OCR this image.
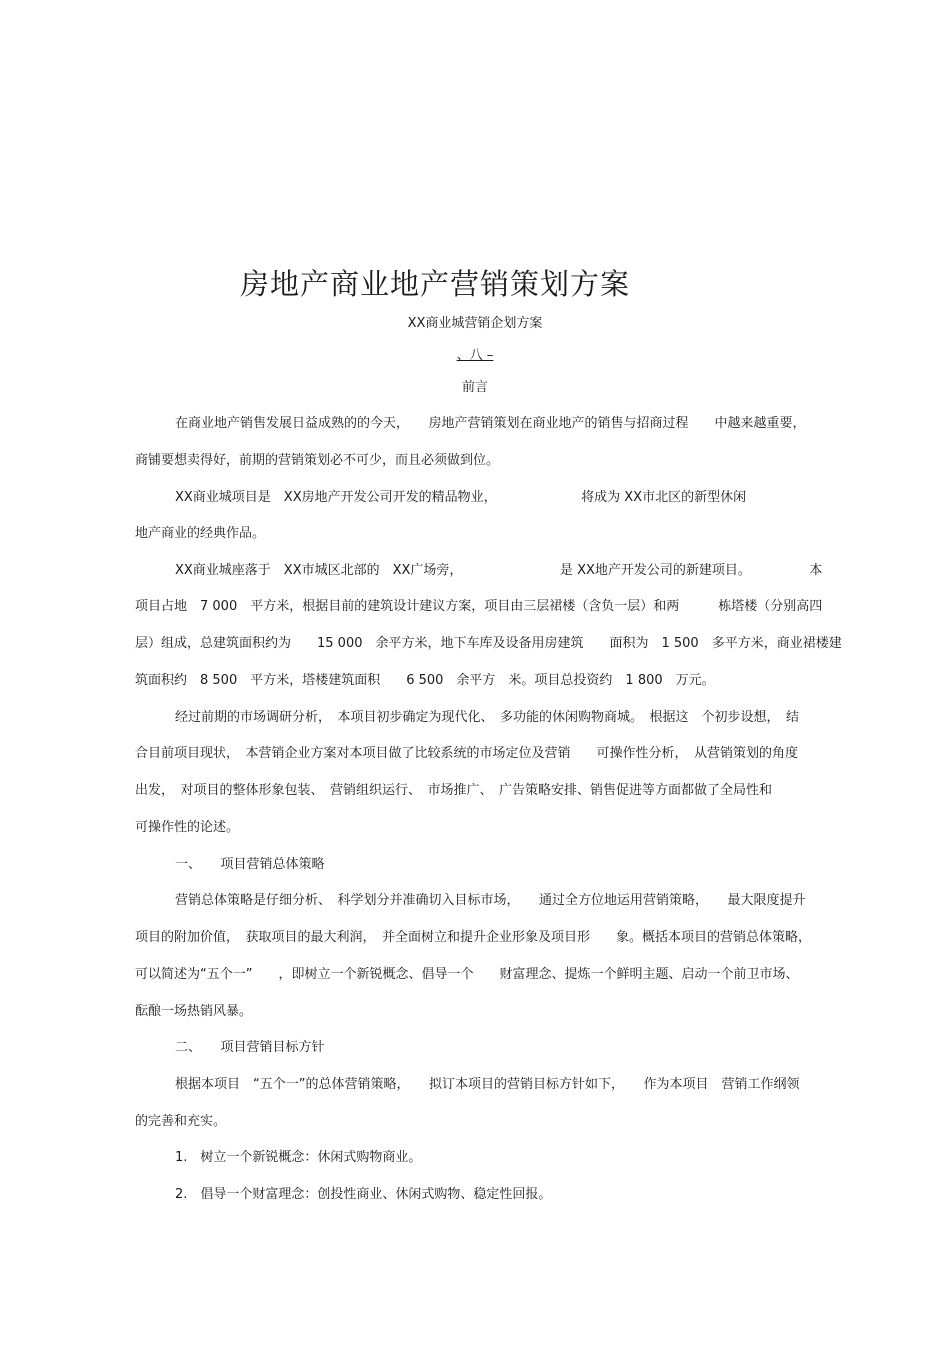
房地产商业地产营销策划方案
XX商业城营销企划方案
、八 –
前言
在商业地产销售发展日益成熟的的今天，　　房地产营销策划在商业地产的销售与招商过程　　中越来越重要，
商铺要想卖得好，前期的营销策划必不可少，而且必须做到位。
XX商业城项目是　XX房地产开发公司开发的精品物业，　　　　　　　将成为 XX市北区的新型休闲
地产商业的经典作品。
XX商业城座落于　XX市城区北部的　XX广场旁，　　　　　　　　是 XX地产开发公司的新建项目。　　　　　本
项目占地　7 000　平方米，根据目前的建筑设计建议方案，项目由三层裙楼（含负一层）和两　　　栋塔楼（分别高四
层）组成，总建筑面积约为　　15 000　余平方米，地下车库及设备用房建筑　　面积为　1 500　多平方米，商业裙楼建
筑面积约　8 500　平方米，塔楼建筑面积　　6 500　余平方　米。项目总投资约　1 800　万元。
经过前期的市场调研分析，　本项目初步确定为现代化、　多功能的休闲购物商城。　根据这　个初步设想，　结
合目前项目现状，　本营销企业方案对本项目做了比较系统的市场定位及营销　　可操作性分析，　从营销策划的角度
出发，　对项目的整体形象包装、　营销组织运行、　市场推广、　广告策略安排、销售促进等方面都做了全局性和
可操作性的论述。
一、　　项目营销总体策略
营销总体策略是仔细分析、　科学划分并准确切入目标市场，　　通过全方位地运用营销策略，　　最大限度提升
项目的附加价值，　获取项目的最大利润，　并全面树立和提升企业形象及项目形　　象。概括本项目的营销总体策略，
可以简述为“五个一”　　，即树立一个新锐概念、倡导一个　　财富理念、提炼一个鲜明主题、启动一个前卫市场、
酝酿一场热销风暴。
二、　　项目营销目标方针
根据本项目　“五个一”的总体营销策略，　　拟订本项目的营销目标方针如下，　　作为本项目　营销工作纲领
的完善和充实。
1.　树立一个新锐概念：休闲式购物商业。
2.　倡导一个财富理念：创投性商业、休闲式购物、稳定性回报。
